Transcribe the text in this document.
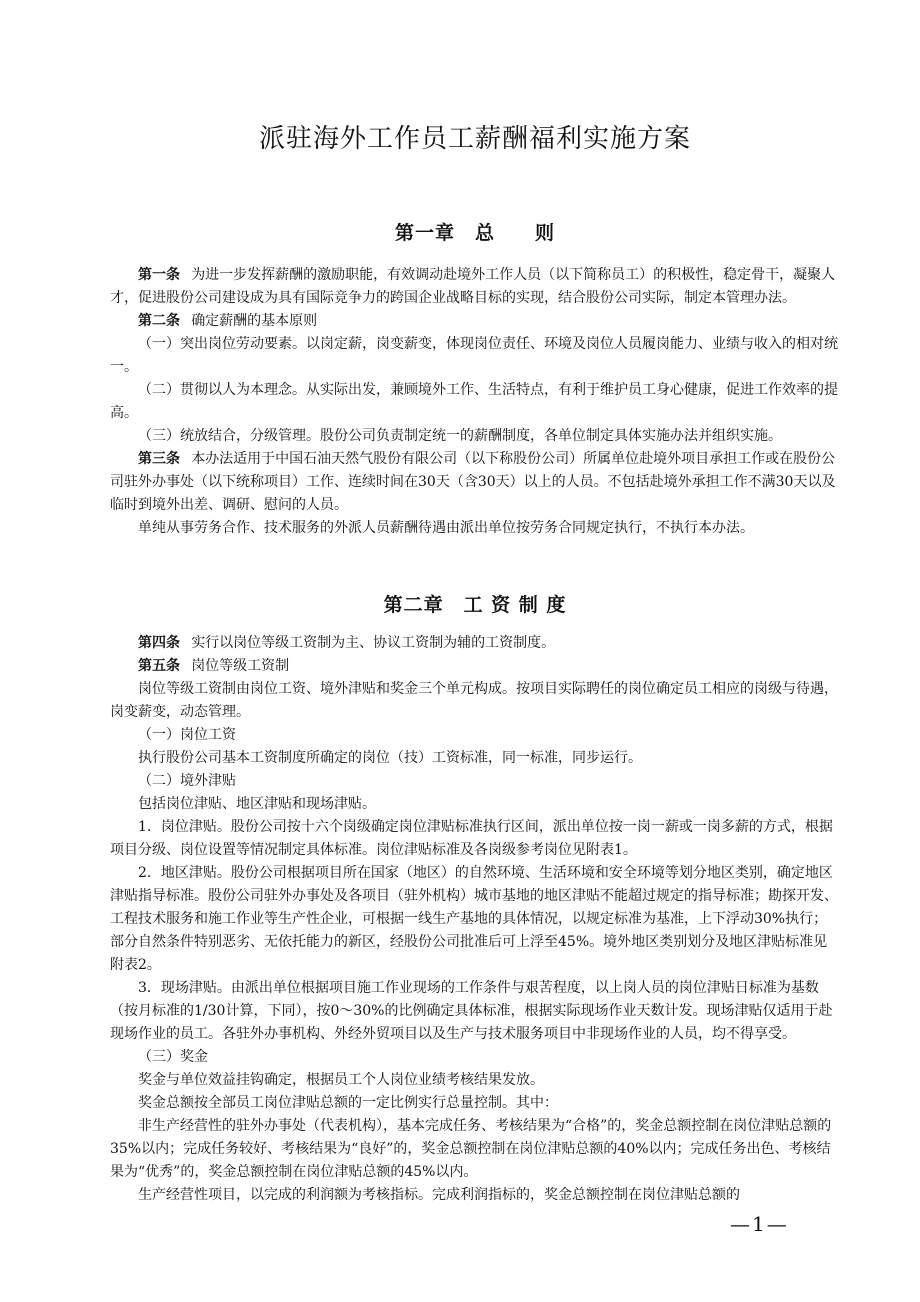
派驻海外工作员工薪酬福利实施方案
第一章　总　　则

第一条 为进一步发挥薪酬的激励职能，有效调动赴境外工作人员（以下简称员工）的积极性，稳定骨干，凝聚人才，促进股份公司建设成为具有国际竞争力的跨国企业战略目标的实现，结合股份公司实际，制定本管理办法。

第二条 确定薪酬的基本原则

（一）突出岗位劳动要素。以岗定薪，岗变薪变，体现岗位责任、环境及岗位人员履岗能力、业绩与收入的相对统一。

（二）贯彻以人为本理念。从实际出发，兼顾境外工作、生活特点，有利于维护员工身心健康，促进工作效率的提高。

（三）统放结合，分级管理。股份公司负责制定统一的薪酬制度，各单位制定具体实施办法并组织实施。

第三条 本办法适用于中国石油天然气股份有限公司（以下称股份公司）所属单位赴境外项目承担工作或在股份公司驻外办事处（以下统称项目）工作、连续时间在30天（含30天）以上的人员。不包括赴境外承担工作不满30天以及临时到境外出差、调研、慰问的人员。

单纯从事劳务合作、技术服务的外派人员薪酬待遇由派出单位按劳务合同规定执行，不执行本办法。

第二章　工 资 制 度

第四条 实行以岗位等级工资制为主、协议工资制为辅的工资制度。

第五条 岗位等级工资制

岗位等级工资制由岗位工资、境外津贴和奖金三个单元构成。按项目实际聘任的岗位确定员工相应的岗级与待遇，岗变薪变，动态管理。

（一）岗位工资

执行股份公司基本工资制度所确定的岗位（技）工资标准，同一标准，同步运行。

（二）境外津贴

包括岗位津贴、地区津贴和现场津贴。

1．岗位津贴。股份公司按十六个岗级确定岗位津贴标准执行区间，派出单位按一岗一薪或一岗多薪的方式，根据项目分级、岗位设置等情况制定具体标准。岗位津贴标准及各岗级参考岗位见附表1。

2．地区津贴。股份公司根据项目所在国家（地区）的自然环境、生活环境和安全环境等划分地区类别，确定地区津贴指导标准。股份公司驻外办事处及各项目（驻外机构）城市基地的地区津贴不能超过规定的指导标准；勘探开发、工程技术服务和施工作业等生产性企业，可根据一线生产基地的具体情况，以规定标准为基准，上下浮动30%执行；部分自然条件特别恶劣、无依托能力的新区，经股份公司批准后可上浮至45%。境外地区类别划分及地区津贴标准见附表2。

3．现场津贴。由派出单位根据项目施工作业现场的工作条件与艰苦程度，以上岗人员的岗位津贴日标准为基数（按月标准的1/30计算，下同），按0～30%的比例确定具体标准，根据实际现场作业天数计发。现场津贴仅适用于赴现场作业的员工。各驻外办事机构、外经外贸项目以及生产与技术服务项目中非现场作业的人员，均不得享受。

（三）奖金

奖金与单位效益挂钩确定，根据员工个人岗位业绩考核结果发放。

奖金总额按全部员工岗位津贴总额的一定比例实行总量控制。其中：

非生产经营性的驻外办事处（代表机构），基本完成任务、考核结果为“合格”的，奖金总额控制在岗位津贴总额的35%以内；完成任务较好、考核结果为“良好”的，奖金总额控制在岗位津贴总额的40%以内；完成任务出色、考核结果为“优秀”的，奖金总额控制在岗位津贴总额的45%以内。

生产经营性项目，以完成的利润额为考核指标。完成利润指标的，奖金总额控制在岗位津贴总额的

—1—
